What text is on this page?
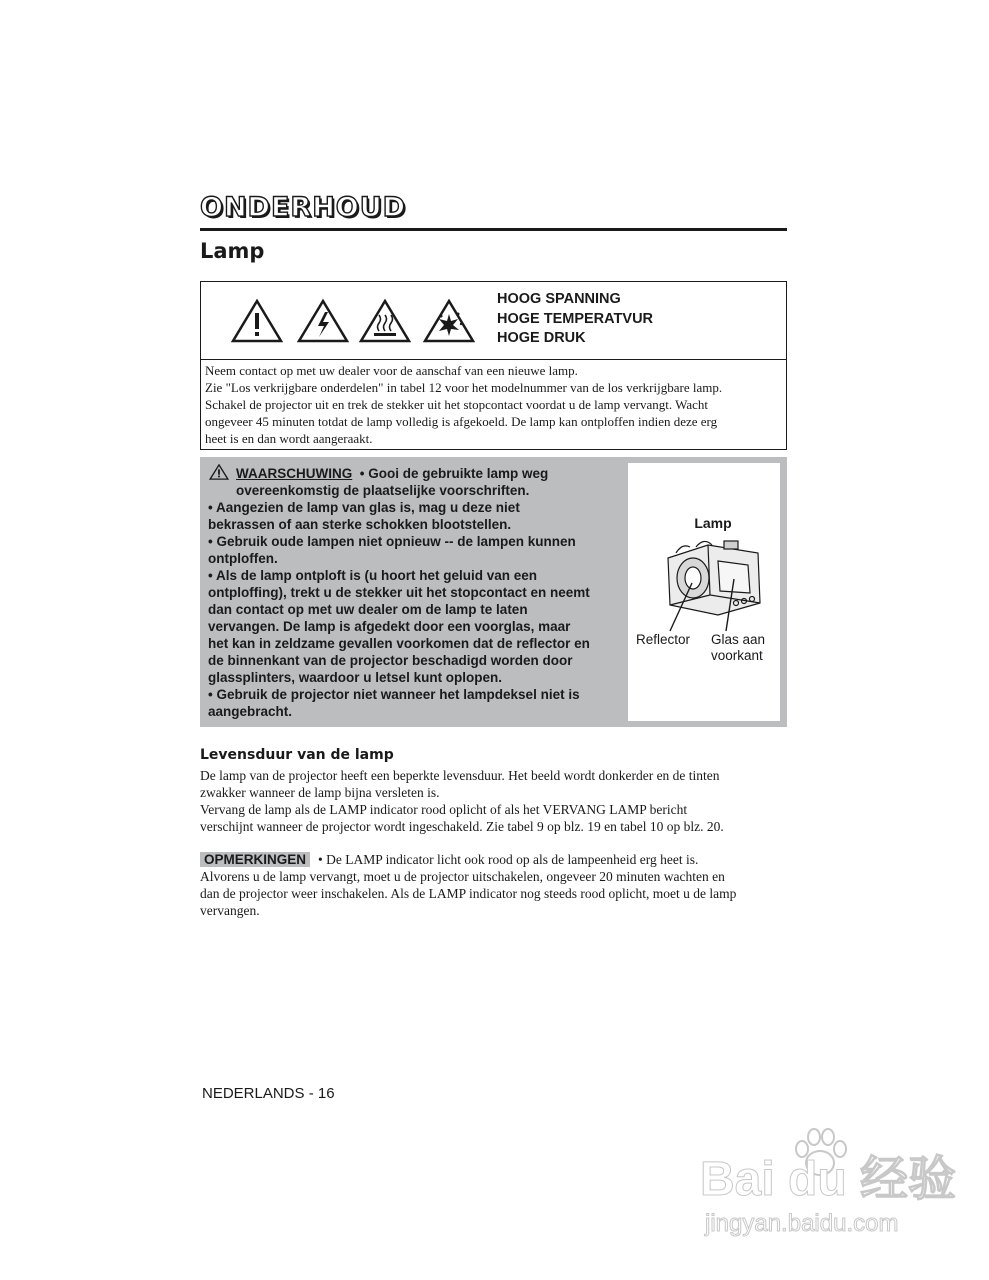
ONDERHOUD
Lamp
HOOG SPANNING
HOGE TEMPERATVUR
HOGE DRUK
Neem contact op met uw dealer voor de aanschaf van een nieuwe lamp.
Zie "Los verkrijgbare onderdelen" in tabel 12 voor het modelnummer van de los verkrijgbare lamp.
Schakel de projector uit en trek de stekker uit het stopcontact voordat u de lamp vervangt. Wacht
ongeveer 45 minuten totdat de lamp volledig is afgekoeld. De lamp kan ontploffen indien deze erg
heet is en dan wordt aangeraakt.
WAARSCHUWING • Gooi de gebruikte lamp weg
overeenkomstig de plaatselijke voorschriften.
• Aangezien de lamp van glas is, mag u deze niet
bekrassen of aan sterke schokken blootstellen.
• Gebruik oude lampen niet opnieuw -- de lampen kunnen
ontploffen.
• Als de lamp ontploft is (u hoort het geluid van een
ontploffing), trekt u de stekker uit het stopcontact en neemt
dan contact op met uw dealer om de lamp te laten
vervangen. De lamp is afgedekt door een voorglas, maar
het kan in zeldzame gevallen voorkomen dat de reflector en
de binnenkant van de projector beschadigd worden door
glassplinters, waardoor u letsel kunt oplopen.
• Gebruik de projector niet wanneer het lampdeksel niet is
aangebracht.
Lamp
Reflector Glas aan
voorkant
Levensduur van de lamp
De lamp van de projector heeft een beperkte levensduur. Het beeld wordt donkerder en de tinten
zwakker wanneer de lamp bijna versleten is.
Vervang de lamp als de LAMP indicator rood oplicht of als het VERVANG LAMP bericht
verschijnt wanneer de projector wordt ingeschakeld. Zie tabel 9 op blz. 19 en tabel 10 op blz. 20.
OPMERKINGEN • De LAMP indicator licht ook rood op als de lampeenheid erg heet is.
Alvorens u de lamp vervangt, moet u de projector uitschakelen, ongeveer 20 minuten wachten en
dan de projector weer inschakelen. Als de LAMP indicator nog steeds rood oplicht, moet u de lamp
vervangen.
NEDERLANDS - 16
Bai du 经验
jingyan.baidu.com
